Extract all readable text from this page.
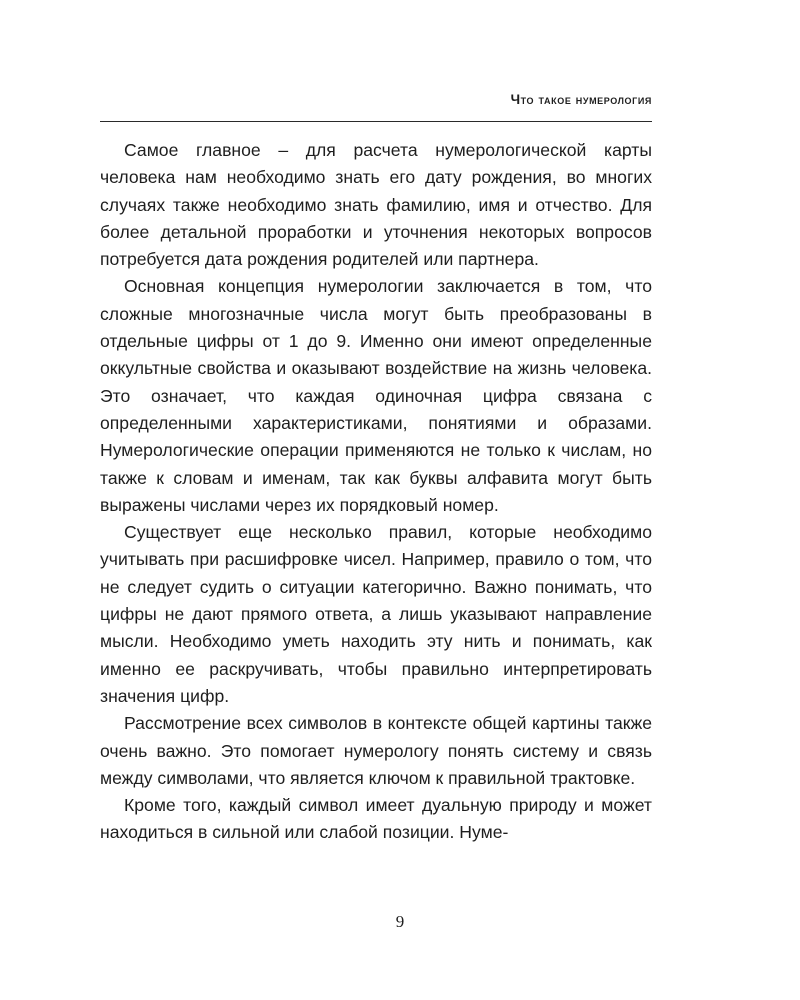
Что такое нумерология

Самое главное – для расчета нумерологической карты человека нам необходимо знать его дату рождения, во многих случаях также необходимо знать фамилию, имя и отчество. Для более детальной проработки и уточнения некоторых вопросов потребуется дата рождения родителей или партнера.

Основная концепция нумерологии заключается в том, что сложные многозначные числа могут быть преобразованы в отдельные цифры от 1 до 9. Именно они имеют определенные оккультные свойства и оказывают воздействие на жизнь человека. Это означает, что каждая одиночная цифра связана с определенными характеристиками, понятиями и образами. Нумерологические операции применяются не только к числам, но также к словам и именам, так как буквы алфавита могут быть выражены числами через их порядковый номер.

Существует еще несколько правил, которые необходимо учитывать при расшифровке чисел. Например, правило о том, что не следует судить о ситуации категорично. Важно понимать, что цифры не дают прямого ответа, а лишь указывают направление мысли. Необходимо уметь находить эту нить и понимать, как именно ее раскручивать, чтобы правильно интерпретировать значения цифр.

Рассмотрение всех символов в контексте общей картины также очень важно. Это помогает нумерологу понять систему и связь между символами, что является ключом к правильной трактовке.

Кроме того, каждый символ имеет дуальную природу и может находиться в сильной или слабой позиции. Нуме-

9
